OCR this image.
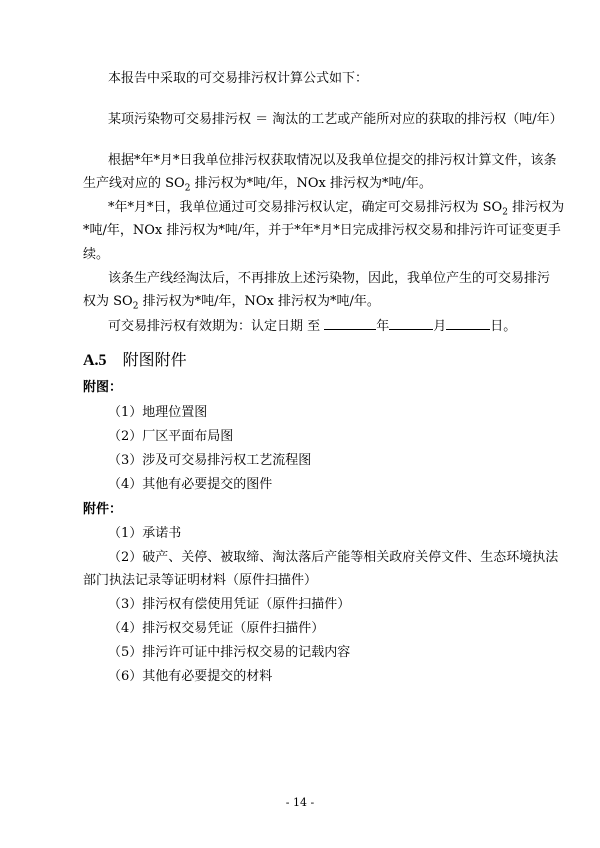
本报告中采取的可交易排污权计算公式如下：
某项污染物可交易排污权 ＝ 淘汰的工艺或产能所对应的获取的排污权（吨/年）
根据*年*月*日我单位排污权获取情况以及我单位提交的排污权计算文件，该条
生产线对应的 $SO_2$ 排污权为*吨/年，NOx 排污权为*吨/年。
*年*月*日，我单位通过可交易排污权认定，确定可交易排污权为 $SO_2$ 排污权为
*吨/年，NOx 排污权为*吨/年，并于*年*月*日完成排污权交易和排污许可证变更手
续。
该条生产线经淘汰后，不再排放上述污染物，因此，我单位产生的可交易排污
权为 $SO_2$ 排污权为*吨/年，NOx 排污权为*吨/年。
可交易排污权有效期为：认定日期 至	年	月	日。
A.5 附图附件
附图：
（1）地理位置图
（2）厂区平面布局图
（3）涉及可交易排污权工艺流程图
（4）其他有必要提交的图件
附件：
（1）承诺书
（2）破产、关停、被取缔、淘汰落后产能等相关政府关停文件、生态环境执法
部门执法记录等证明材料（原件扫描件）
（3）排污权有偿使用凭证（原件扫描件）
（4）排污权交易凭证（原件扫描件）
（5）排污许可证中排污权交易的记载内容
（6）其他有必要提交的材料
- 14 -
